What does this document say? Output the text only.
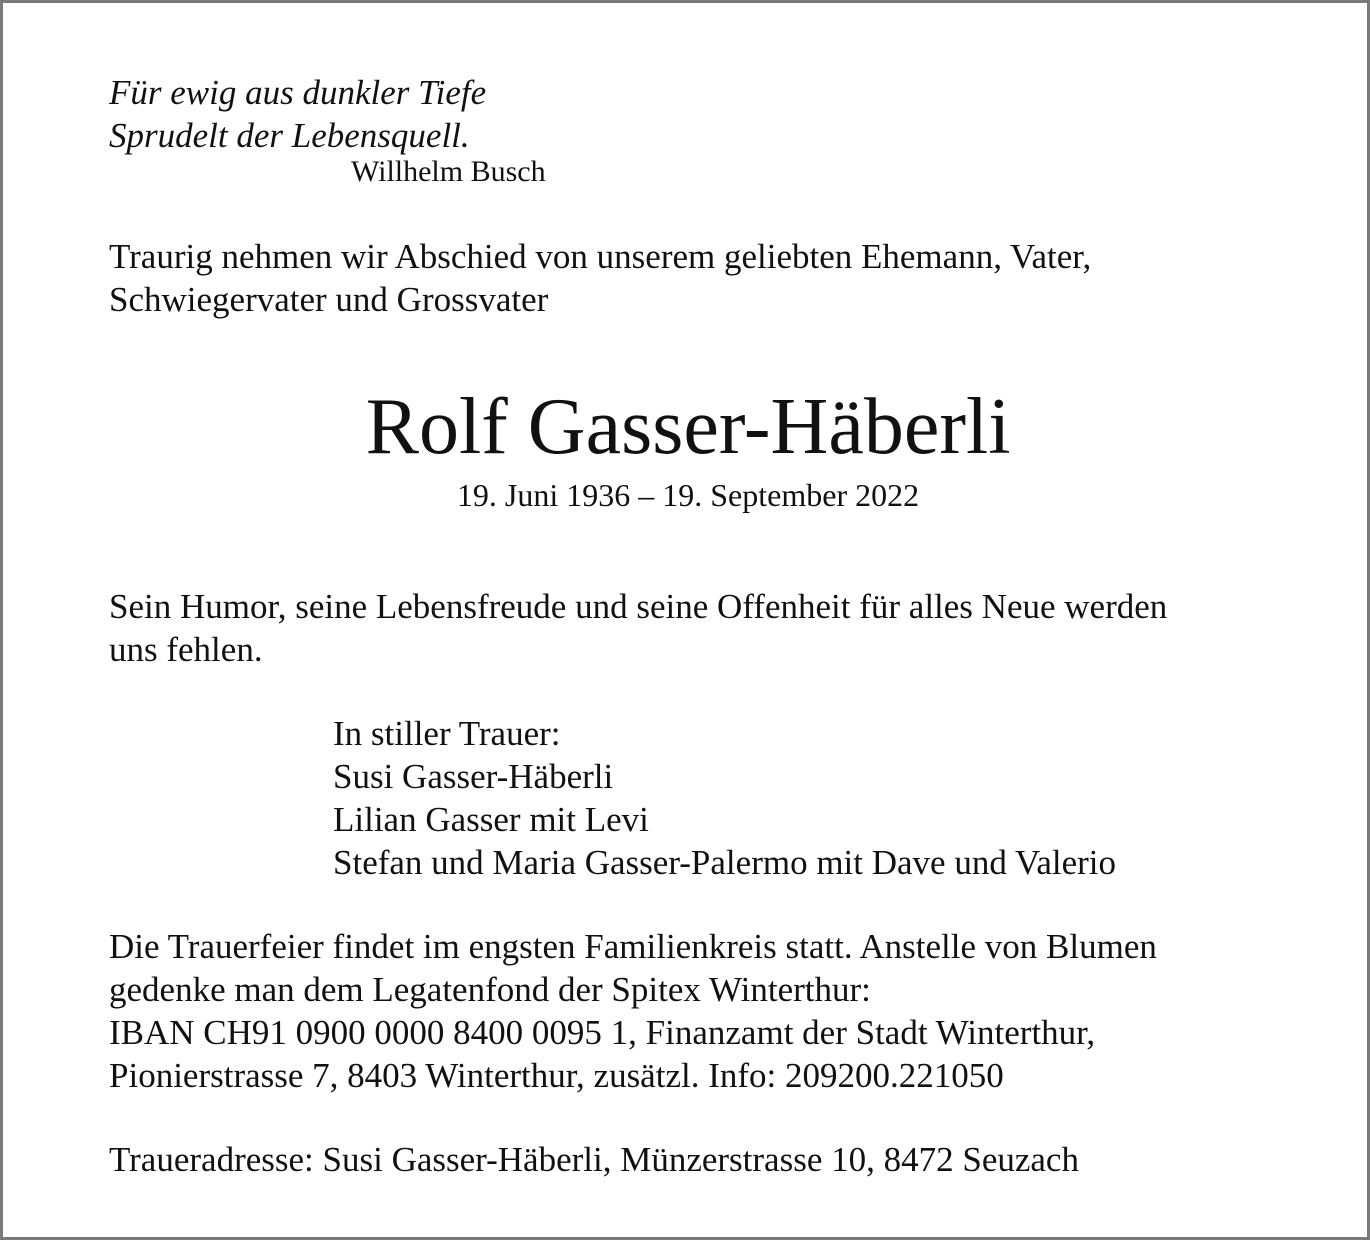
Für ewig aus dunkler Tiefe
Sprudelt der Lebensquell.
Willhelm Busch
Traurig nehmen wir Abschied von unserem geliebten Ehemann, Vater,
Schwiegervater und Grossvater
Rolf Gasser-Häberli
19. Juni 1936 – 19. September 2022
Sein Humor, seine Lebensfreude und seine Offenheit für alles Neue werden
uns fehlen.
In stiller Trauer:
Susi Gasser-Häberli
Lilian Gasser mit Levi
Stefan und Maria Gasser-Palermo mit Dave und Valerio
Die Trauerfeier findet im engsten Familienkreis statt. Anstelle von Blumen
gedenke man dem Legatenfond der Spitex Winterthur:
IBAN CH91 0900 0000 8400 0095 1, Finanzamt der Stadt Winterthur,
Pionierstrasse 7, 8403 Winterthur, zusätzl. Info: 209200.221050
Traueradresse: Susi Gasser-Häberli, Münzerstrasse 10, 8472 Seuzach
